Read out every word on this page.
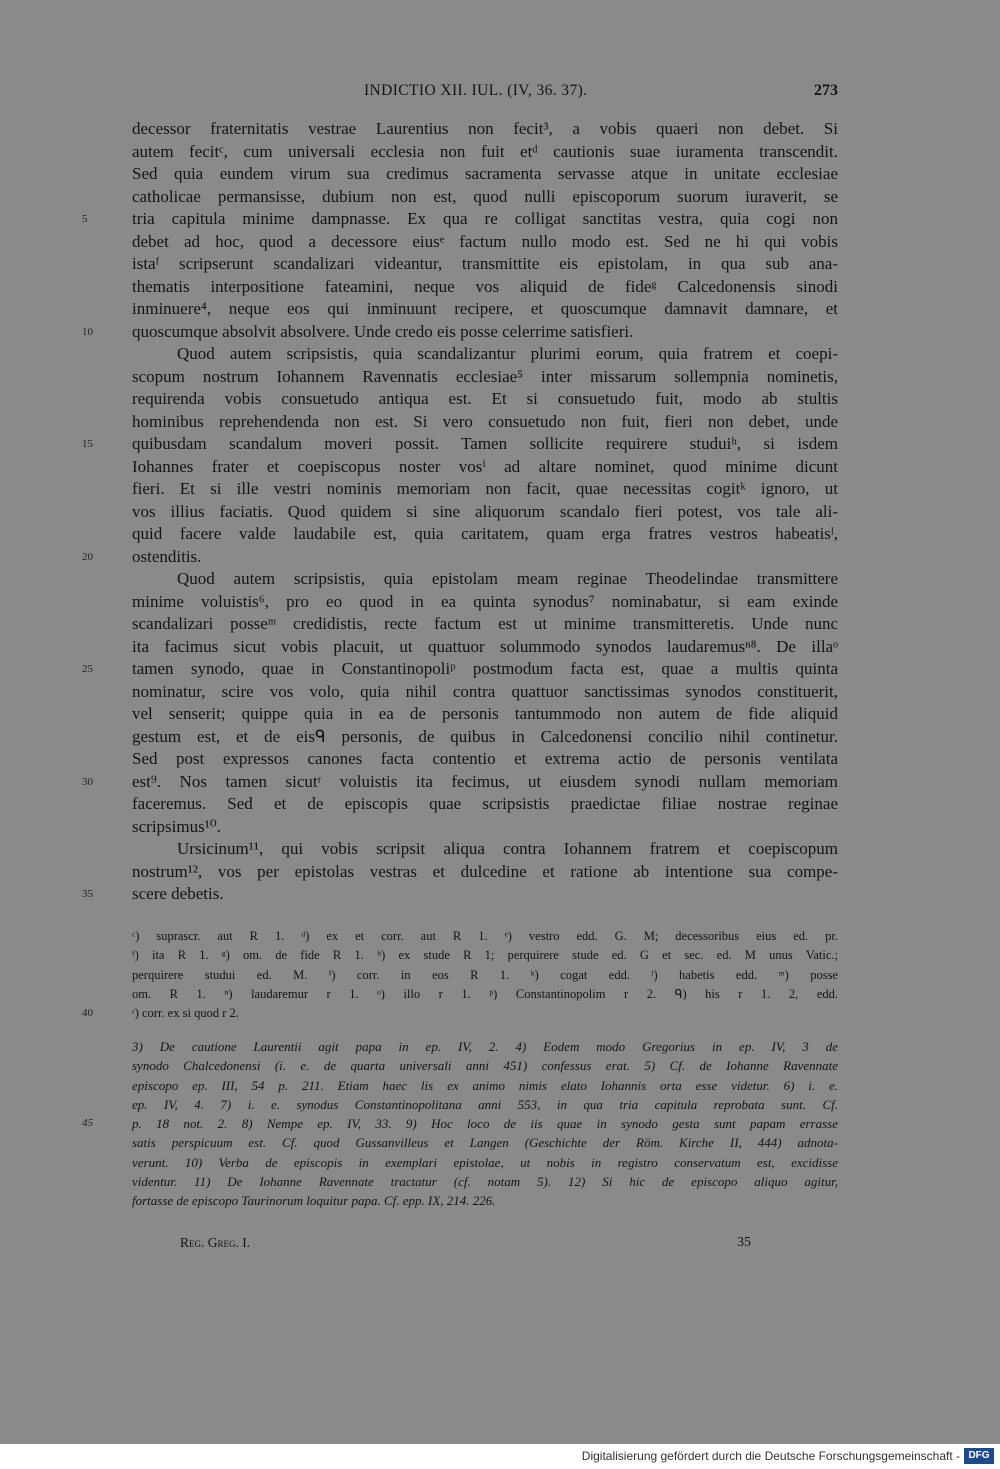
INDICTIO XII. IUL. (IV, 36. 37).	273
decessor fraternitatis vestrae Laurentius non fecit³, a vobis quaeri non debet. Si
autem fecitᶜ, cum universali ecclesia non fuit etᵈ cautionis suae iuramenta transcendit.
Sed quia eundem virum sua credimus sacramenta servasse atque in unitate ecclesiae
catholicae permansisse, dubium non est, quod nulli episcoporum suorum iuraverit, se
5	tria capitula minime dampnasse. Ex qua re colligat sanctitas vestra, quia cogi non
debet ad hoc, quod a decessore eiusᵉ factum nullo modo est. Sed ne hi qui vobis
istaᶠ scripserunt scandalizari videantur, transmittite eis epistolam, in qua sub ana-
thematis interpositione fateamini, neque vos aliquid de fideᵍ Calcedonensis sinodi
inminuere⁴, neque eos qui inminuunt recipere, et quoscumque damnavit damnare, et
10	quoscumque absolvit absolvere. Unde credo eis posse celerrime satisfieri.
Quod autem scripsistis, quia scandalizantur plurimi eorum, quia fratrem et coepi-
scopum nostrum Iohannem Ravennatis ecclesiae⁵ inter missarum sollempnia nominetis,
requirenda vobis consuetudo antiqua est. Et si consuetudo fuit, modo ab stultis
hominibus reprehendenda non est. Si vero consuetudo non fuit, fieri non debet, unde
15	quibusdam scandalum moveri possit. Tamen sollicite requirere studuiʰ, si isdem
Iohannes frater et coepiscopus noster vosⁱ ad altare nominet, quod minime dicunt
fieri. Et si ille vestri nominis memoriam non facit, quae necessitas cogitᵏ ignoro, ut
vos illius faciatis. Quod quidem si sine aliquorum scandalo fieri potest, vos tale ali-
quid facere valde laudabile est, quia caritatem, quam erga fratres vestros habeatisˡ,
20	ostenditis.
Quod autem scripsistis, quia epistolam meam reginae Theodelindae transmittere
minime voluistis⁶, pro eo quod in ea quinta synodus⁷ nominabatur, si eam exinde
scandalizari posseᵐ credidistis, recte factum est ut minime transmitteretis. Unde nunc
ita facimus sicut vobis placuit, ut quattuor solummodo synodos laudaremusⁿ⁸. De illaᵒ
25	tamen synodo, quae in Constantinopoliᵖ postmodum facta est, quae a multis quinta
nominatur, scire vos volo, quia nihil contra quattuor sanctissimas synodos constituerit,
vel senserit; quippe quia in ea de personis tantummodo non autem de fide aliquid
gestum est, et de eisᑫ personis, de quibus in Calcedonensi concilio nihil continetur.
Sed post expressos canones facta contentio et extrema actio de personis ventilata
30	est⁹. Nos tamen sicutʳ voluistis ita fecimus, ut eiusdem synodi nullam memoriam
faceremus. Sed et de episcopis quae scripsistis praedictae filiae nostrae reginae
scripsimus¹⁰.
Ursicinum¹¹, qui vobis scripsit aliqua contra Iohannem fratrem et coepiscopum
nostrum¹², vos per epistolas vestras et dulcedine et ratione ab intentione sua compe-
35	scere debetis.
ᶜ) suprascr. aut R 1. ᵈ) ex et corr. aut R 1. ᵉ) vestro edd. G. M; decessoribus eius ed. pr.
ᶠ) ita R 1. ᵍ) om. de fide R 1. ʰ) ex stude R 1; perquirere stude ed. G et sec. ed. M unus Vatic.;
perquirere studui ed. M. ⁱ) corr. in eos R 1. ᵏ) cogat edd. ˡ) habetis edd. ᵐ) posse
om. R 1. ⁿ) laudaremur r 1. ᵒ) illo r 1. ᵖ) Constantinopolim r 2. ᑫ) his r 1. 2, edd.
40	ʳ) corr. ex si quod r 2.
3) De cautione Laurentii agit papa in ep. IV, 2. 4) Eodem modo Gregorius in ep. IV, 3 de
synodo Chalcedonensi (i. e. de quarta universali anni 451) confessus erat. 5) Cf. de Iohanne Ravennate
episcopo ep. III, 54 p. 211. Etiam haec lis ex animo nimis elato Iohannis orta esse videtur. 6) i. e.
ep. IV, 4. 7) i. e. synodus Constantinopolitana anni 553, in qua tria capitula reprobata sunt. Cf.
45	p. 18 not. 2. 8) Nempe ep. IV, 33. 9) Hoc loco de iis quae in synodo gesta sunt papam errasse
satis perspicuum est. Cf. quod Gussanvilleus et Langen (Geschichte der Röm. Kirche II, 444) adnota-
verunt. 10) Verba de episcopis in exemplari epistolae, ut nobis in registro conservatum est, excidisse
videntur. 11) De Iohanne Ravennate tractatur (cf. notam 5). 12) Si hic de episcopo aliquo agitur,
fortasse de episcopo Taurinorum loquitur papa. Cf. epp. IX, 214. 226.
Reg. Greg. I.	35
Digitalisierung gefördert durch die Deutsche Forschungsgemeinschaft - DFG
